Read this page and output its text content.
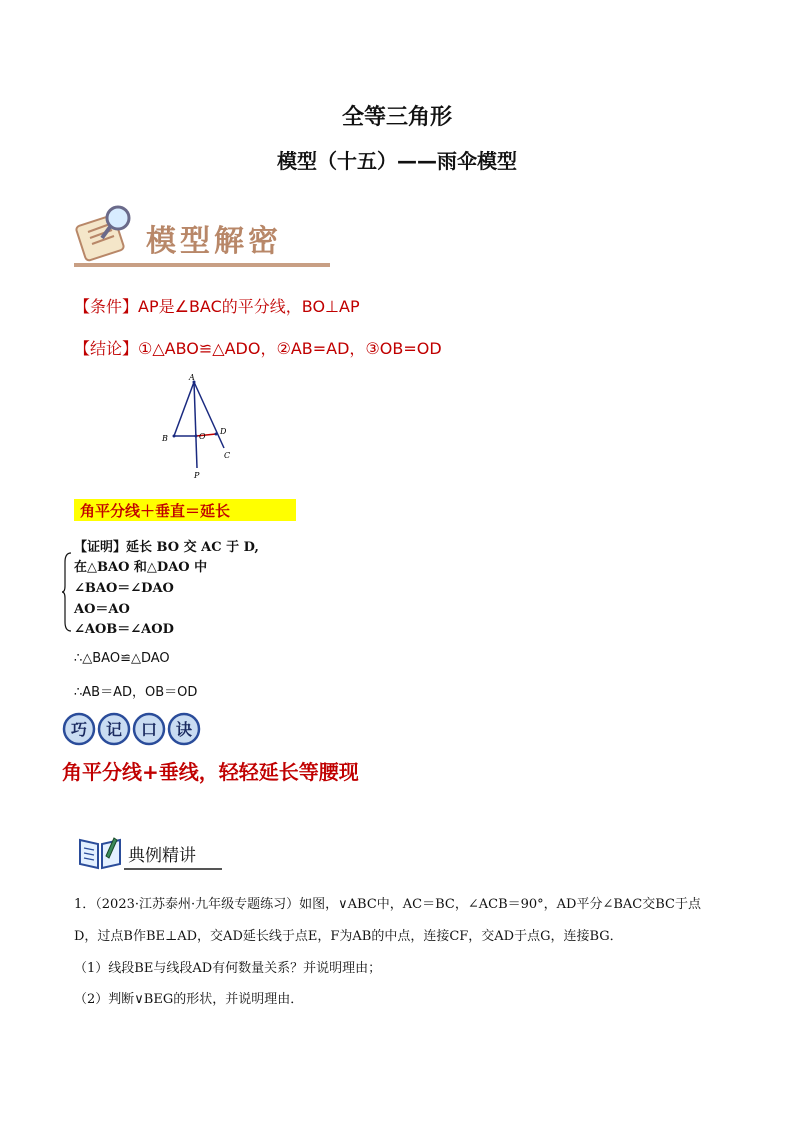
全等三角形
模型（十五）——雨伞模型
模型解密
【条件】AP是∠BAC的平分线，BO⊥AP
【结论】①△ABO≌△ADO，②AB=AD，③OB=OD
A
B	O
D
C
P
角平分线＋垂直＝延长
【证明】延长 BO 交 AC 于 D,
在△BAO 和△DAO 中
∠BAO＝∠DAO
AO＝AO
∠AOB＝∠AOD
∴△BAO≌△DAO
∴AB＝AD，OB＝OD
巧 记 口 诀
角平分线+垂线，轻轻延长等腰现
典例精讲
1．（2023·江苏泰州·九年级专题练习）如图，∨ABC中，AC＝BC，∠ACB＝90°，AD平分∠BAC交BC于点
D，过点B作BE⊥AD，交AD延长线于点E，F为AB的中点，连接CF，交AD于点G，连接BG．
（1）线段BE与线段AD有何数量关系？并说明理由；
（2）判断∨BEG的形状，并说明理由．
